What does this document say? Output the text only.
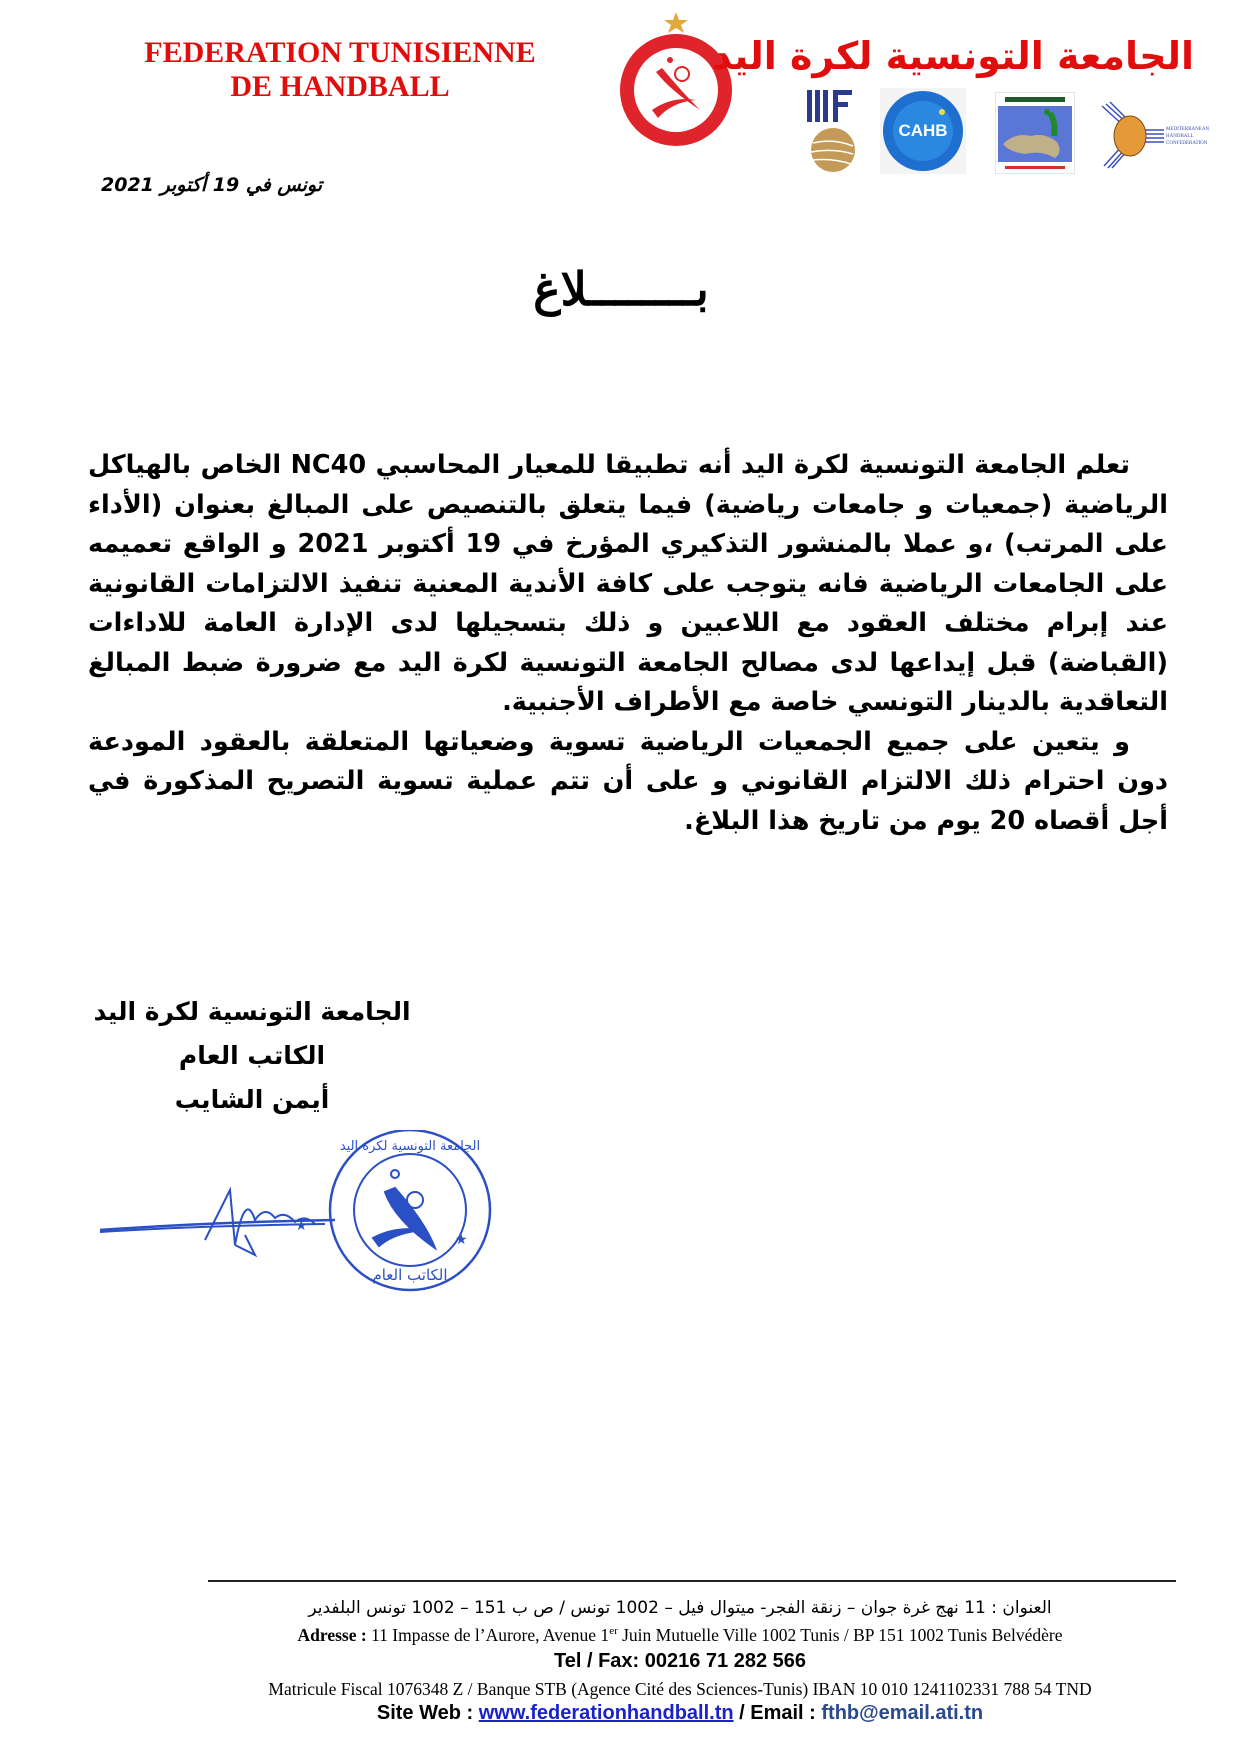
FEDERATION TUNISIENNE
DE HANDBALL
الجامعة التونسية لكرة اليد
CAHB	MEDITERRANEAN
HANDBALL
CONFEDERATION
تونس في 19 أكتوبر 2021
بــــــــلاغ

تعلم الجامعة التونسية لكرة اليد أنه تطبيقا للمعيار المحاسبي NC40 الخاص بالهياكل الرياضية (جمعيات و جامعات رياضية) فيما يتعلق بالتنصيص على المبالغ بعنوان (الأداء على المرتب) ،و عملا بالمنشور التذكيري المؤرخ في 19 أكتوبر 2021 و الواقع تعميمه على الجامعات الرياضية فانه يتوجب على كافة الأندية المعنية تنفيذ الالتزامات القانونية عند إبرام مختلف العقود مع اللاعبين و ذلك بتسجيلها لدى الإدارة العامة للاداءات (القباضة) قبل إيداعها لدى مصالح الجامعة التونسية لكرة اليد مع ضرورة ضبط المبالغ التعاقدية بالدينار التونسي خاصة مع الأطراف الأجنبية.

و يتعين على جميع الجمعيات الرياضية تسوية وضعياتها المتعلقة بالعقود المودعة دون احترام ذلك الالتزام القانوني و على أن تتم عملية تسوية التصريح المذكورة في أجل أقصاه 20 يوم من تاريخ هذا البلاغ.

الجامعة التونسية لكرة اليد
الكاتب العام
أيمن الشايب
★
★
الكاتب العام
الجامعة التونسية لكرة اليد
العنوان : 11 نهج غرة جوان – زنقة الفجر- ميتوال فيل – 1002 تونس / ص ب 151 – 1002 تونس البلفدير
Adresse : 11 Impasse de l’Aurore, Avenue 1er Juin Mutuelle Ville 1002 Tunis / BP 151 1002 Tunis Belvédère
Tel / Fax: 00216 71 282 566
Matricule Fiscal 1076348 Z / Banque STB (Agence Cité des Sciences-Tunis) IBAN 10 010 1241102331 788 54 TND
Site Web : www.federationhandball.tn / Email : fthb@email.ati.tn
